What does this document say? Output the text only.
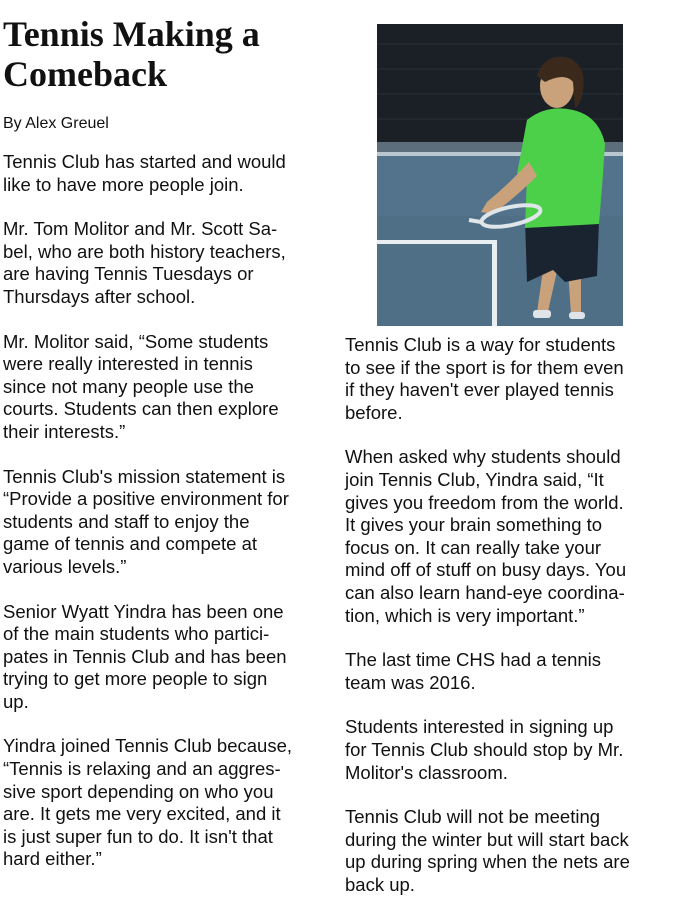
Tennis Making a
Comeback
By Alex Greuel

Tennis Club has started and would
like to have more people join.

Mr. Tom Molitor and Mr. Scott Sa-
bel, who are both history teachers,
are having Tennis Tuesdays or
Thursdays after school.

Mr. Molitor said, “Some students
were really interested in tennis
since not many people use the
courts. Students can then explore
their interests.”

Tennis Club's mission statement is
“Provide a positive environment for
students and staff to enjoy the
game of tennis and compete at
various levels.”

Senior Wyatt Yindra has been one
of the main students who partici-
pates in Tennis Club and has been
trying to get more people to sign
up.

Yindra joined Tennis Club because,
“Tennis is relaxing and an aggres-
sive sport depending on who you
are. It gets me very excited, and it
is just super fun to do. It isn't that
hard either.”

Tennis Club is a way for students
to see if the sport is for them even
if they haven't ever played tennis
before.

When asked why students should
join Tennis Club, Yindra said, “It
gives you freedom from the world.
It gives your brain something to
focus on. It can really take your
mind off of stuff on busy days. You
can also learn hand-eye coordina-
tion, which is very important.”

The last time CHS had a tennis
team was 2016.

Students interested in signing up
for Tennis Club should stop by Mr.
Molitor's classroom.

Tennis Club will not be meeting
during the winter but will start back
up during spring when the nets are
back up.
